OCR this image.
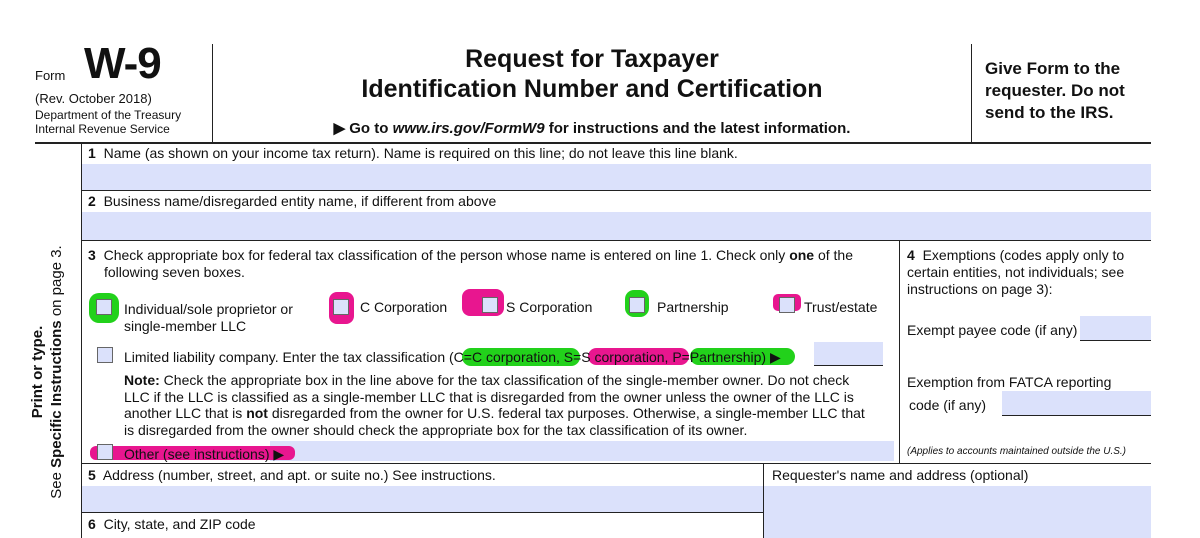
Form W-9
(Rev. October 2018)
Department of the Treasury
Internal Revenue Service
Request for Taxpayer
Identification Number and Certification
▶ Go to www.irs.gov/FormW9 for instructions and the latest information.
Give Form to the
requester. Do not
send to the IRS.
Print or type.
See Specific Instructions on page 3.
1 Name (as shown on your income tax return). Name is required on this line; do not leave this line blank.
2 Business name/disregarded entity name, if different from above
3 Check appropriate box for federal tax classification of the person whose name is entered on line 1. Check only one of the
following seven boxes.
Individual/sole proprietor or
single-member LLC
C Corporation	S Corporation	Partnership	Trust/estate
Limited liability company. Enter the tax classification (C=C corporation, S=S corporation, P=Partnership) ▶
Note: Check the appropriate box in the line above for the tax classification of the single-member owner. Do not check
LLC if the LLC is classified as a single-member LLC that is disregarded from the owner unless the owner of the LLC is
another LLC that is not disregarded from the owner for U.S. federal tax purposes. Otherwise, a single-member LLC that
is disregarded from the owner should check the appropriate box for the tax classification of its owner.
Other (see instructions) ▶
4 Exemptions (codes apply only to
certain entities, not individuals; see
instructions on page 3):
Exempt payee code (if any)
Exemption from FATCA reporting
code (if any)
(Applies to accounts maintained outside the U.S.)
5 Address (number, street, and apt. or suite no.) See instructions.	Requester's name and address (optional)
6 City, state, and ZIP code
